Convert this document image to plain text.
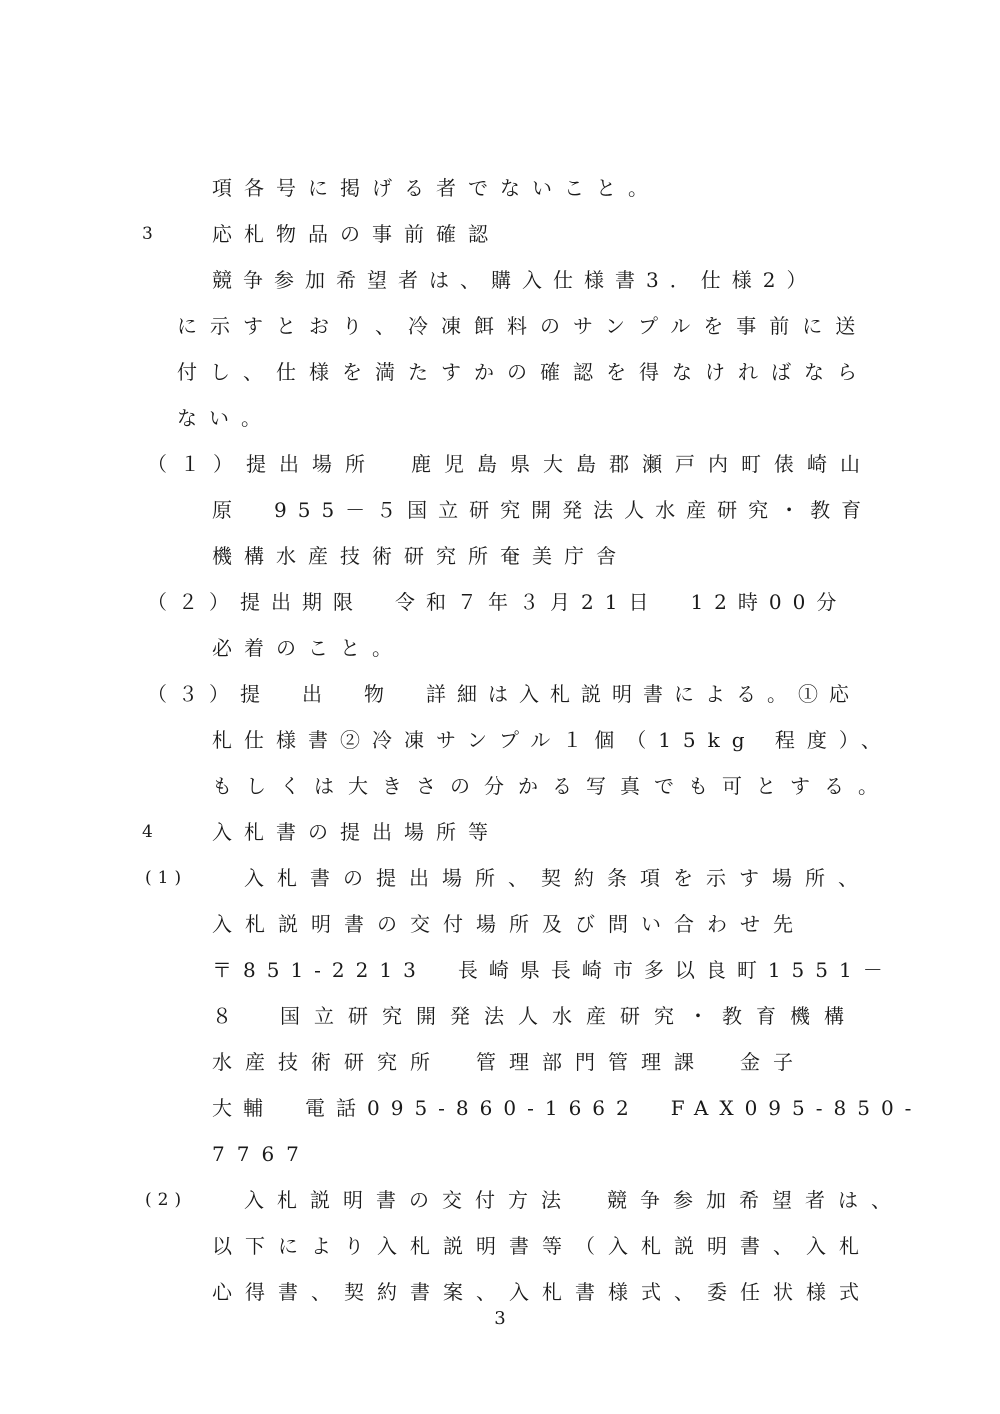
項各号に掲げる者でないこと。
3	応札物品の事前確認
競争参加希望者は、購入仕様書3．仕様2）
に示すとおり、冷凍餌料のサンプルを事前に送
付し、仕様を満たすかの確認を得なければなら
ない。
（１）提出場所　鹿児島県大島郡瀬戸内町俵崎山
原　955－５国立研究開発法人水産研究・教育
機構水産技術研究所奄美庁舎
（２）提出期限　令和７年３月21日　12時00分
必着のこと。
（３）提　出　物　詳細は入札説明書による。①応
札仕様書②冷凍サンプル１個（15kg 程度）、
もしくは大きさの分かる写真でも可とする。
4	入札書の提出場所等
(1)	入札書の提出場所、契約条項を示す場所、
入札説明書の交付場所及び問い合わせ先
〒851-2213　長崎県長崎市多以良町1551－
８　国立研究開発法人水産研究・教育機構
水産技術研究所　管理部門管理課　金子
大輔　電話095-860-1662　FAX095-850-
7767
(2)	入札説明書の交付方法　競争参加希望者は、
以下により入札説明書等（入札説明書、入札
心得書、契約書案、入札書様式、委任状様式
3
